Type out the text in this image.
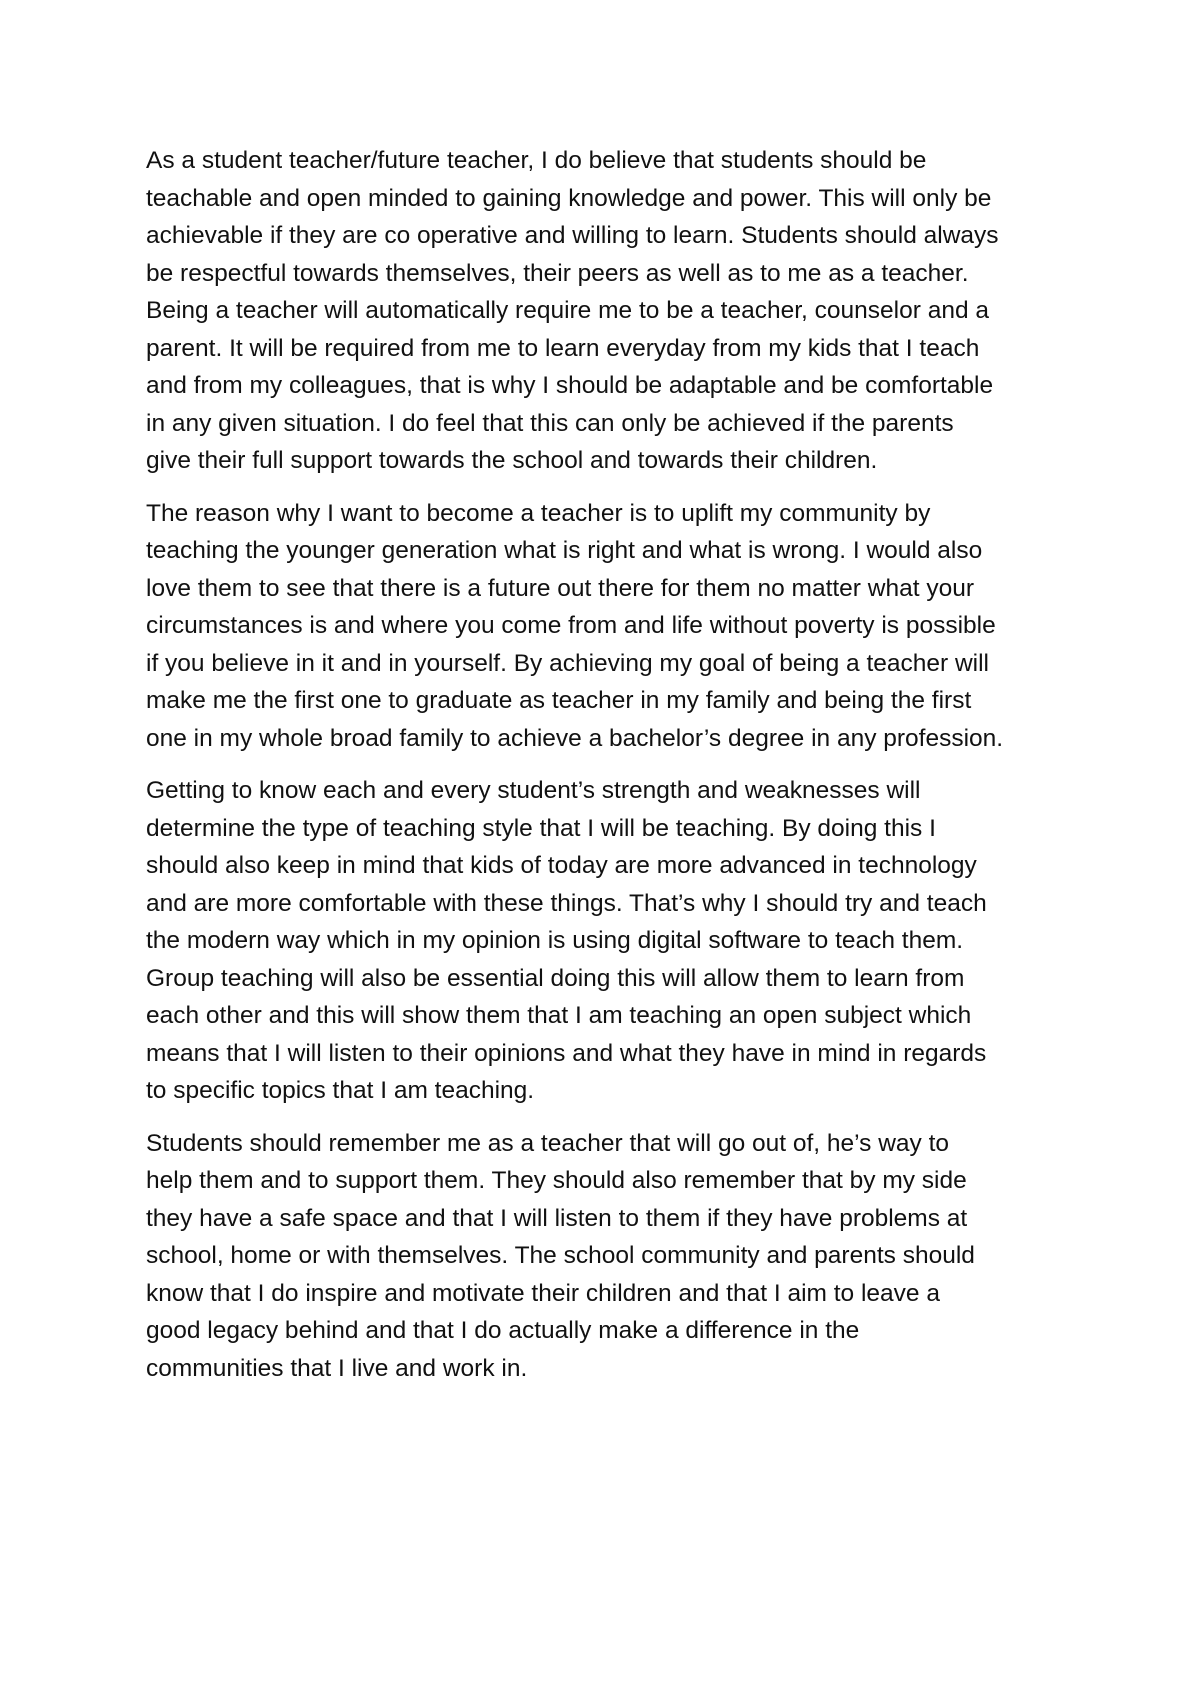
As a student teacher/future teacher, I do believe that students should be
teachable and open minded to gaining knowledge and power. This will only be
achievable if they are co operative and willing to learn. Students should always
be respectful towards themselves, their peers as well as to me as a teacher.
Being a teacher will automatically require me to be a teacher, counselor and a
parent. It will be required from me to learn everyday from my kids that I teach
and from my colleagues, that is why I should be adaptable and be comfortable
in any given situation. I do feel that this can only be achieved if the parents
give their full support towards the school and towards their children.

The reason why I want to become a teacher is to uplift my community by
teaching the younger generation what is right and what is wrong. I would also
love them to see that there is a future out there for them no matter what your
circumstances is and where you come from and life without poverty is possible
if you believe in it and in yourself. By achieving my goal of being a teacher will
make me the first one to graduate as teacher in my family and being the first
one in my whole broad family to achieve a bachelor’s degree in any profession.

Getting to know each and every student’s strength and weaknesses will
determine the type of teaching style that I will be teaching. By doing this I
should also keep in mind that kids of today are more advanced in technology
and are more comfortable with these things. That’s why I should try and teach
the modern way which in my opinion is using digital software to teach them.
Group teaching will also be essential doing this will allow them to learn from
each other and this will show them that I am teaching an open subject which
means that I will listen to their opinions and what they have in mind in regards
to specific topics that I am teaching.

Students should remember me as a teacher that will go out of, he’s way to
help them and to support them. They should also remember that by my side
they have a safe space and that I will listen to them if they have problems at
school, home or with themselves. The school community and parents should
know that I do inspire and motivate their children and that I aim to leave a
good legacy behind and that I do actually make a difference in the
communities that I live and work in.
